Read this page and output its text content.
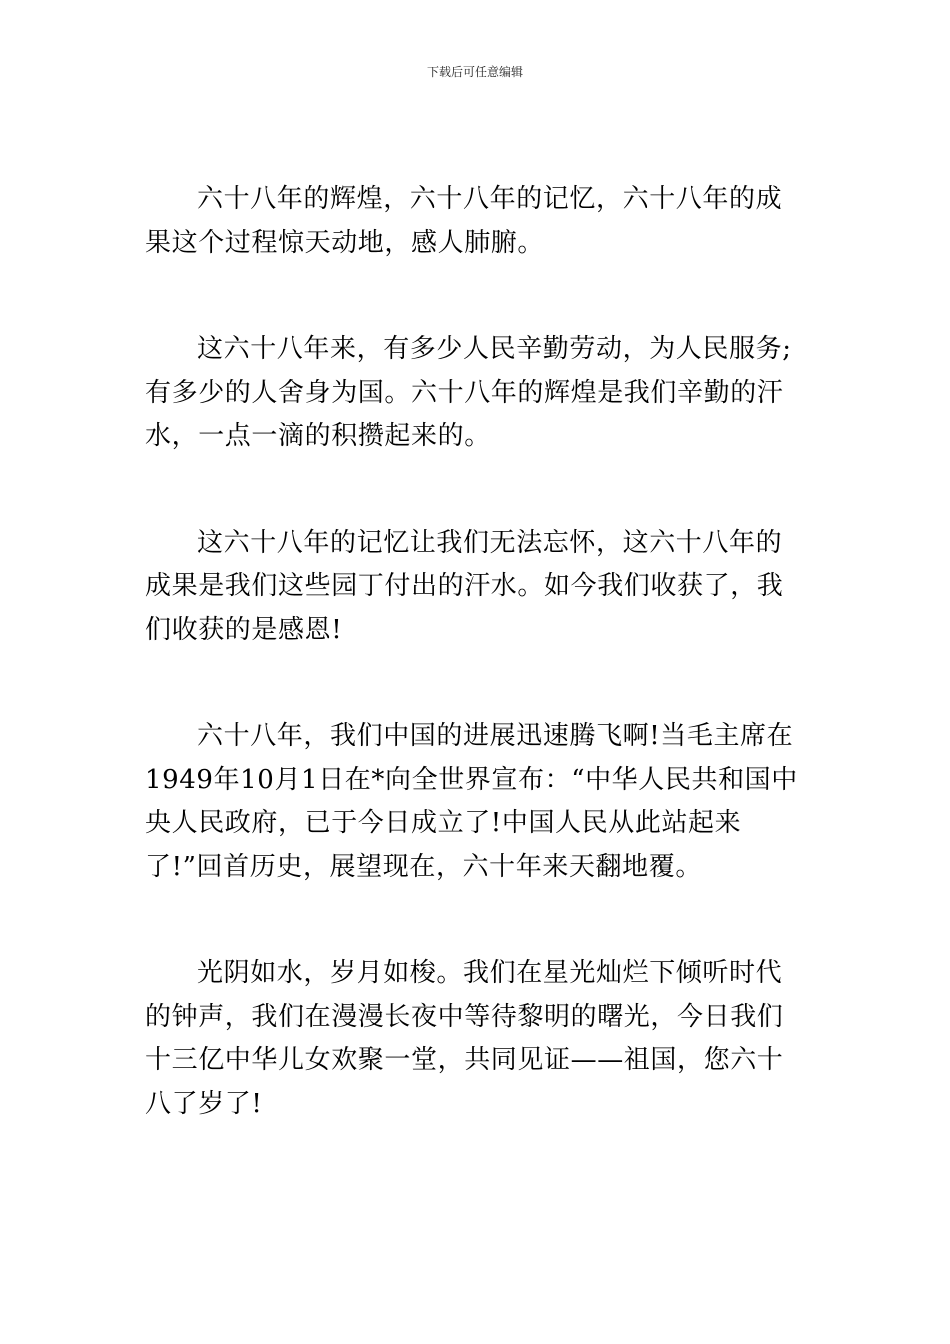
下载后可任意编辑

六十八年的辉煌，六十八年的记忆，六十八年的成果这个过程惊天动地，感人肺腑。

这六十八年来，有多少人民辛勤劳动，为人民服务;有多少的人舍身为国。六十八年的辉煌是我们辛勤的汗水，一点一滴的积攒起来的。

这六十八年的记忆让我们无法忘怀，这六十八年的成果是我们这些园丁付出的汗水。如今我们收获了，我们收获的是感恩!

六十八年，我们中国的进展迅速腾飞啊!当毛主席在1949年10月1日在*向全世界宣布：“中华人民共和国中央人民政府，已于今日成立了!中国人民从此站起来了!”回首历史，展望现在，六十年来天翻地覆。

光阴如水，岁月如梭。我们在星光灿烂下倾听时代的钟声，我们在漫漫长夜中等待黎明的曙光，今日我们十三亿中华儿女欢聚一堂，共同见证——祖国，您六十八了岁了!
